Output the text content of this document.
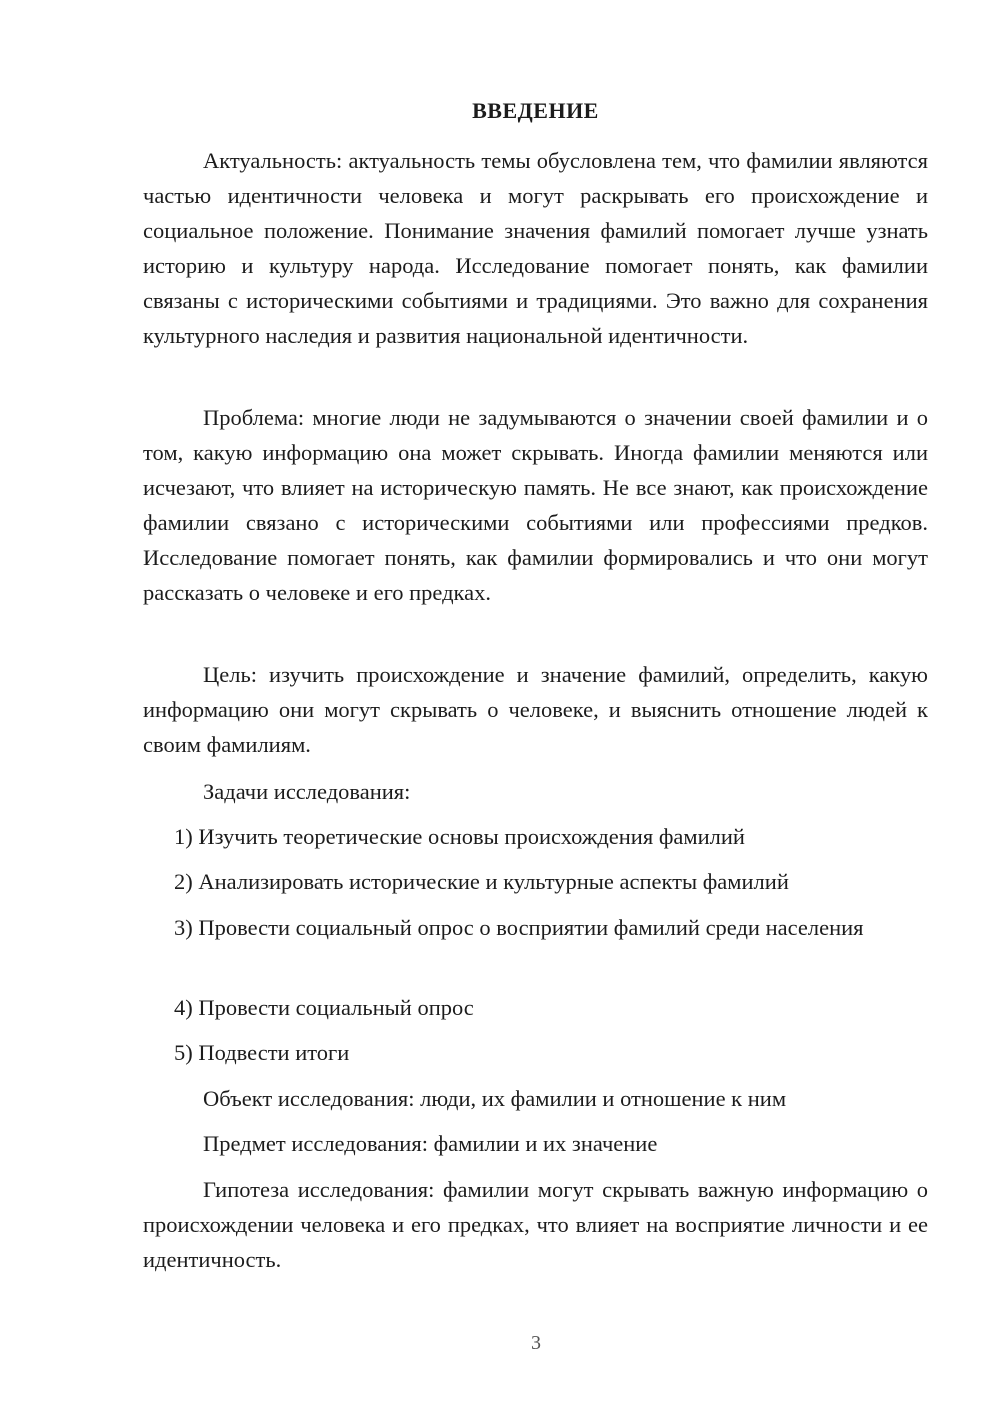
ВВЕДЕНИЕ

Актуальность: актуальность темы обусловлена тем, что фамилии являются частью идентичности человека и могут раскрывать его происхождение и социальное положение. Понимание значения фамилий помогает лучше узнать историю и культуру народа. Исследование помогает понять, как фамилии связаны с историческими событиями и традициями. Это важно для сохранения культурного наследия и развития национальной идентичности.

Проблема: многие люди не задумываются о значении своей фамилии и о том, какую информацию она может скрывать. Иногда фамилии меняются или исчезают, что влияет на историческую память. Не все знают, как происхождение фамилии связано с историческими событиями или профессиями предков. Исследование помогает понять, как фамилии формировались и что они могут рассказать о человеке и его предках.

Цель: изучить происхождение и значение фамилий, определить, какую информацию они могут скрывать о человеке, и выяснить отношение людей к своим фамилиям.

Задачи исследования:

1) Изучить теоретические основы происхождения фамилий

2) Анализировать исторические и культурные аспекты фамилий

3) Провести социальный опрос о восприятии фамилий среди населения

4) Провести социальный опрос

5) Подвести итоги

Объект исследования: люди, их фамилии и отношение к ним

Предмет исследования: фамилии и их значение

Гипотеза исследования: фамилии могут скрывать важную информацию о происхождении человека и его предках, что влияет на восприятие личности и ее идентичность.

3
